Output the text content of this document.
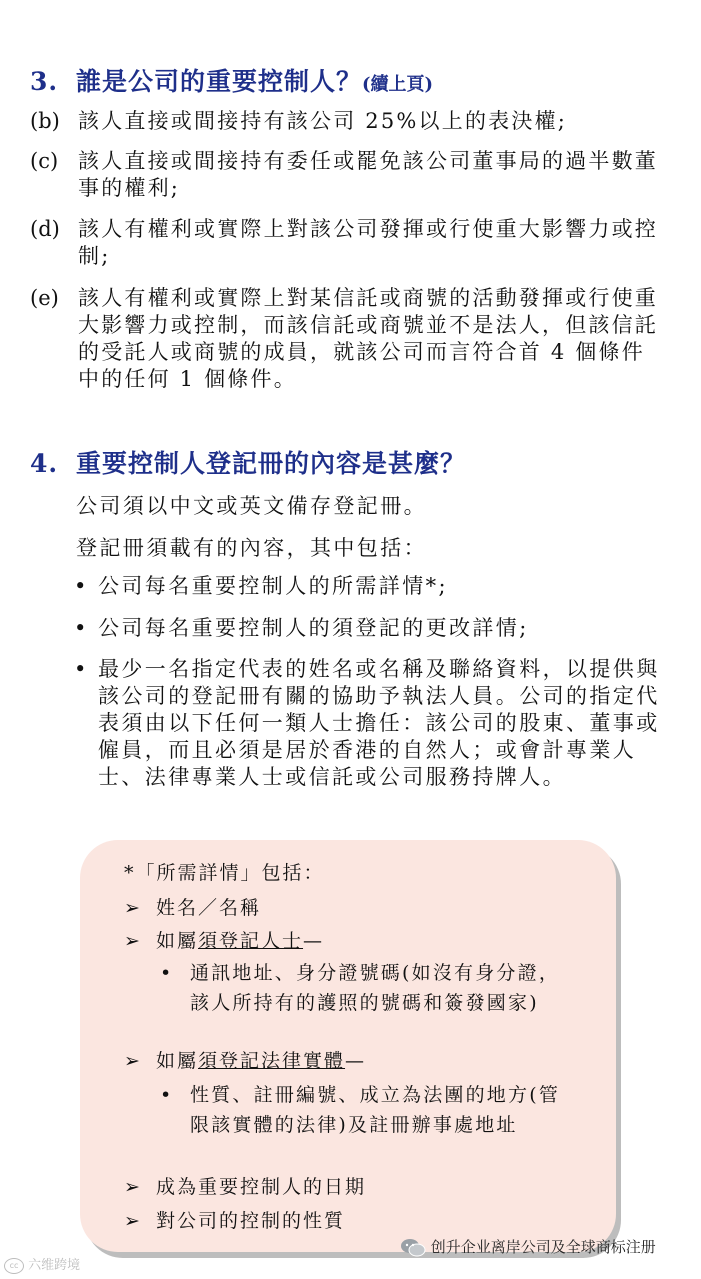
3. 誰是公司的重要控制人？(續上頁)
(b) 該人直接或間接持有該公司 25%以上的表決權;
(c) 該人直接或間接持有委任或罷免該公司董事局的過半數董事的權利;
(d) 該人有權利或實際上對該公司發揮或行使重大影響力或控制;
(e) 該人有權利或實際上對某信託或商號的活動發揮或行使重大影響力或控制，而該信託或商號並不是法人，但該信託的受託人或商號的成員，就該公司而言符合首 4 個條件中的任何 1 個條件。
4. 重要控制人登記冊的內容是甚麼？
公司須以中文或英文備存登記冊。
登記冊須載有的內容，其中包括：
• 公司每名重要控制人的所需詳情*;
• 公司每名重要控制人的須登記的更改詳情;
• 最少一名指定代表的姓名或名稱及聯絡資料，以提供與該公司的登記冊有關的協助予執法人員。公司的指定代表須由以下任何一類人士擔任：該公司的股東、董事或僱員，而且必須是居於香港的自然人；或會計專業人士、法律專業人士或信託或公司服務持牌人。
*「所需詳情」包括：
➢ 姓名／名稱
➢ 如屬須登記人士—
• 通訊地址、身分證號碼(如沒有身分證，該人所持有的護照的號碼和簽發國家)
➢ 如屬須登記法律實體—
• 性質、註冊編號、成立為法團的地方(管限該實體的法律)及註冊辦事處地址
➢ 成為重要控制人的日期
➢ 對公司的控制的性質
cc 六维跨境
创升企业离岸公司及全球商标注册
